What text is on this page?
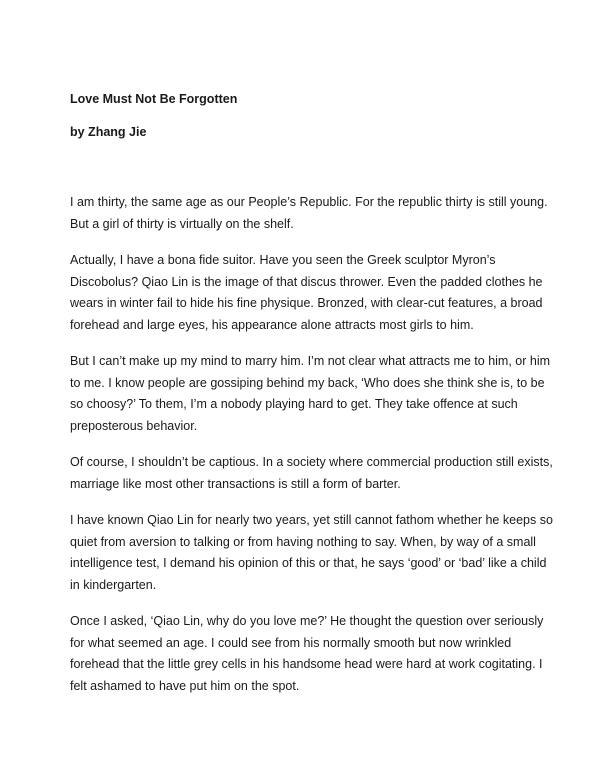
Love Must Not Be Forgotten
by Zhang Jie

I am thirty, the same age as our People’s Republic. For the republic thirty is still young.
But a girl of thirty is virtually on the shelf.

Actually, I have a bona fide suitor. Have you seen the Greek sculptor Myron’s
Discobolus? Qiao Lin is the image of that discus thrower. Even the padded clothes he
wears in winter fail to hide his fine physique. Bronzed, with clear-cut features, a broad
forehead and large eyes, his appearance alone attracts most girls to him.

But I can’t make up my mind to marry him. I’m not clear what attracts me to him, or him
to me. I know people are gossiping behind my back, ‘Who does she think she is, to be
so choosy?’ To them, I’m a nobody playing hard to get. They take offence at such
preposterous behavior.

Of course, I shouldn’t be captious. In a society where commercial production still exists,
marriage like most other transactions is still a form of barter.

I have known Qiao Lin for nearly two years, yet still cannot fathom whether he keeps so
quiet from aversion to talking or from having nothing to say. When, by way of a small
intelligence test, I demand his opinion of this or that, he says ‘good’ or ‘bad’ like a child
in kindergarten.

Once I asked, ‘Qiao Lin, why do you love me?’ He thought the question over seriously
for what seemed an age. I could see from his normally smooth but now wrinkled
forehead that the little grey cells in his handsome head were hard at work cogitating. I
felt ashamed to have put him on the spot.
